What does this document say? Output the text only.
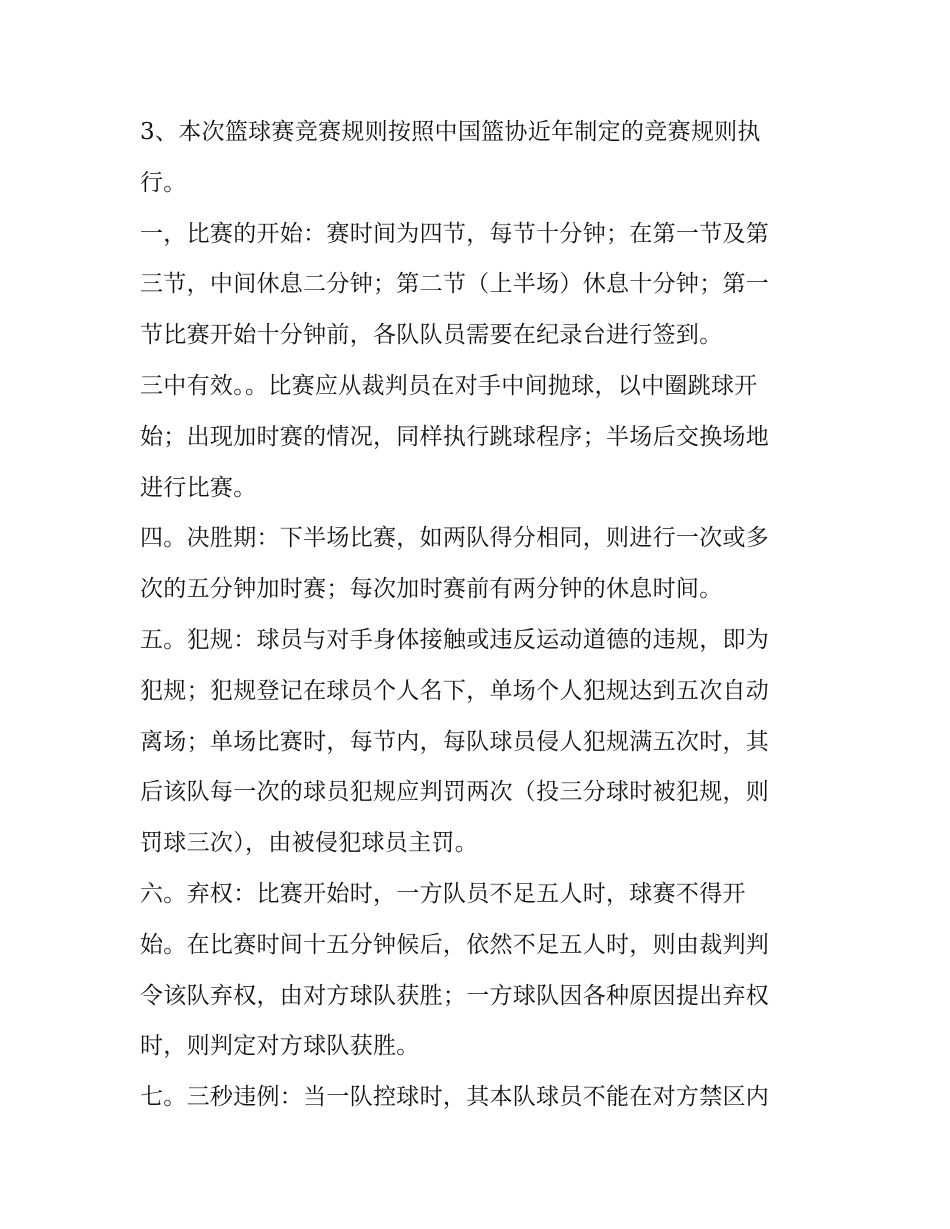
3、本次篮球赛竞赛规则按照中国篮协近年制定的竞赛规则执
行。

一，比赛的开始：赛时间为四节，每节十分钟；在第一节及第
三节，中间休息二分钟；第二节（上半场）休息十分钟；第一
节比赛开始十分钟前，各队队员需要在纪录台进行签到。

三中有效。。比赛应从裁判员在对手中间抛球，以中圈跳球开
始；出现加时赛的情况，同样执行跳球程序；半场后交换场地
进行比赛。

四。决胜期：下半场比赛，如两队得分相同，则进行一次或多
次的五分钟加时赛；每次加时赛前有两分钟的休息时间。

五。犯规：球员与对手身体接触或违反运动道德的违规，即为
犯规；犯规登记在球员个人名下，单场个人犯规达到五次自动
离场；单场比赛时，每节内，每队球员侵人犯规满五次时，其
后该队每一次的球员犯规应判罚两次（投三分球时被犯规，则
罚球三次），由被侵犯球员主罚。

六。弃权：比赛开始时，一方队员不足五人时，球赛不得开
始。在比赛时间十五分钟候后，依然不足五人时，则由裁判判
令该队弃权，由对方球队获胜；一方球队因各种原因提出弃权
时，则判定对方球队获胜。

七。三秒违例：当一队控球时，其本队球员不能在对方禁区内
